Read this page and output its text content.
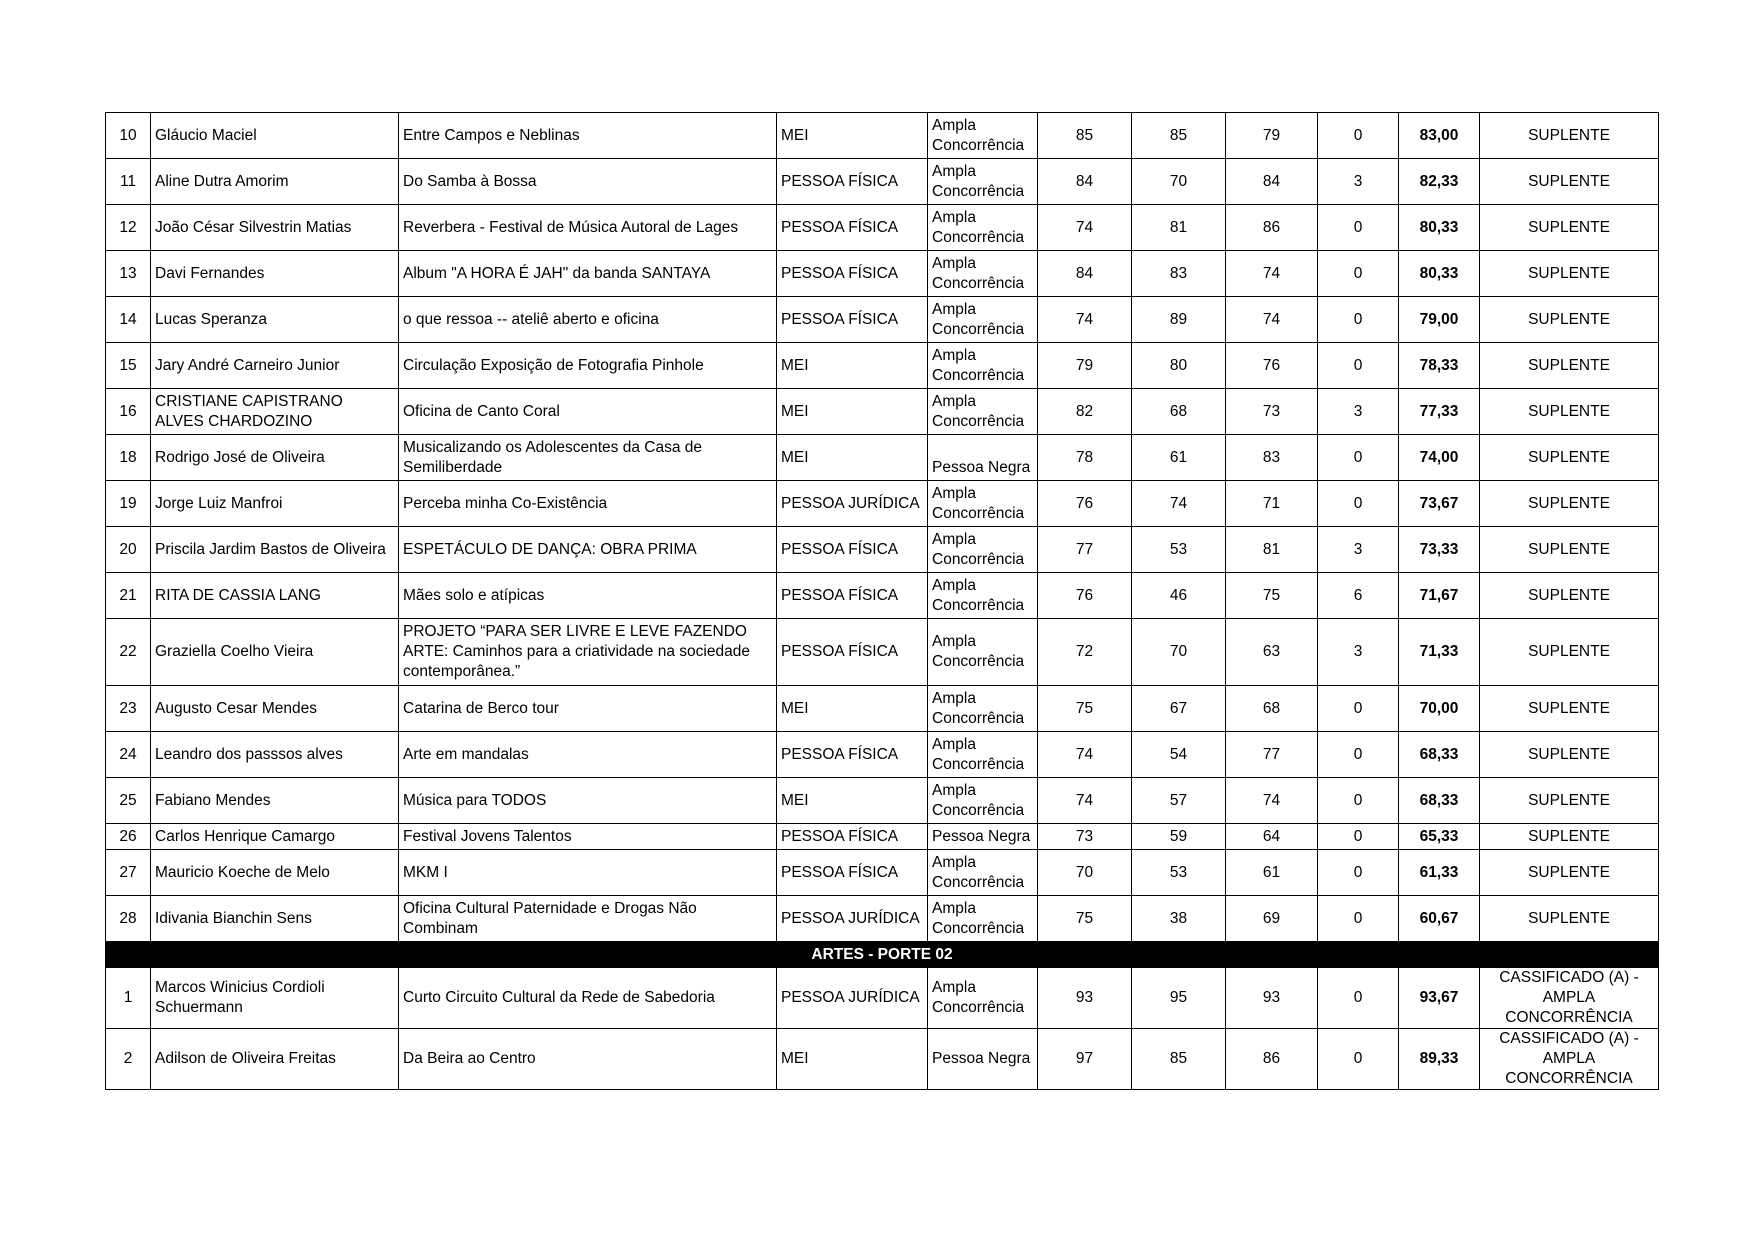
10	Gláucio Maciel	Entre Campos e Neblinas	MEI	Ampla Concorrência	85	85	79	0	83,00	SUPLENTE
11	Aline Dutra Amorim	Do Samba à Bossa	PESSOA FÍSICA	Ampla Concorrência	84	70	84	3	82,33	SUPLENTE
12	João César Silvestrin Matias	Reverbera - Festival de Música Autoral de Lages	PESSOA FÍSICA	Ampla Concorrência	74	81	86	0	80,33	SUPLENTE
13	Davi Fernandes	Album "A HORA É JAH" da banda SANTAYA	PESSOA FÍSICA	Ampla Concorrência	84	83	74	0	80,33	SUPLENTE
14	Lucas Speranza	o que ressoa -- ateliê aberto e oficina	PESSOA FÍSICA	Ampla Concorrência	74	89	74	0	79,00	SUPLENTE
15	Jary André Carneiro Junior	Circulação Exposição de Fotografia Pinhole	MEI	Ampla Concorrência	79	80	76	0	78,33	SUPLENTE
16	CRISTIANE CAPISTRANO ALVES CHARDOZINO	Oficina de Canto Coral	MEI	Ampla Concorrência	82	68	73	3	77,33	SUPLENTE
18	Rodrigo José de Oliveira	Musicalizando os Adolescentes da Casa de Semiliberdade	MEI	Pessoa Negra	78	61	83	0	74,00	SUPLENTE
19	Jorge Luiz Manfroi	Perceba minha Co-Existência	PESSOA JURÍDICA	Ampla Concorrência	76	74	71	0	73,67	SUPLENTE
20	Priscila Jardim Bastos de Oliveira	ESPETÁCULO DE DANÇA: OBRA PRIMA	PESSOA FÍSICA	Ampla Concorrência	77	53	81	3	73,33	SUPLENTE
21	RITA DE CASSIA LANG	Mães solo e atípicas	PESSOA FÍSICA	Ampla Concorrência	76	46	75	6	71,67	SUPLENTE
22	Graziella Coelho Vieira	PROJETO “PARA SER LIVRE E LEVE FAZENDO ARTE: Caminhos para a criatividade na sociedade contemporânea.”	PESSOA FÍSICA	Ampla Concorrência	72	70	63	3	71,33	SUPLENTE
23	Augusto Cesar Mendes	Catarina de Berco tour	MEI	Ampla Concorrência	75	67	68	0	70,00	SUPLENTE
24	Leandro dos passsos alves	Arte em mandalas	PESSOA FÍSICA	Ampla Concorrência	74	54	77	0	68,33	SUPLENTE
25	Fabiano Mendes	Música para TODOS	MEI	Ampla Concorrência	74	57	74	0	68,33	SUPLENTE
26	Carlos Henrique Camargo	Festival Jovens Talentos	PESSOA FÍSICA	Pessoa Negra	73	59	64	0	65,33	SUPLENTE
27	Mauricio Koeche de Melo	MKM I	PESSOA FÍSICA	Ampla Concorrência	70	53	61	0	61,33	SUPLENTE
28	Idivania Bianchin Sens	Oficina Cultural Paternidade e Drogas Não Combinam	PESSOA JURÍDICA	Ampla Concorrência	75	38	69	0	60,67	SUPLENTE
ARTES - PORTE 02										
1	Marcos Winicius Cordioli Schuermann	Curto Circuito Cultural da Rede de Sabedoria	PESSOA JURÍDICA	Ampla Concorrência	93	95	93	0	93,67	CASSIFICADO (A) - AMPLA CONCORRÊNCIA
2	Adilson de Oliveira Freitas	Da Beira ao Centro	MEI	Pessoa Negra	97	85	86	0	89,33	CASSIFICADO (A) - AMPLA CONCORRÊNCIA
